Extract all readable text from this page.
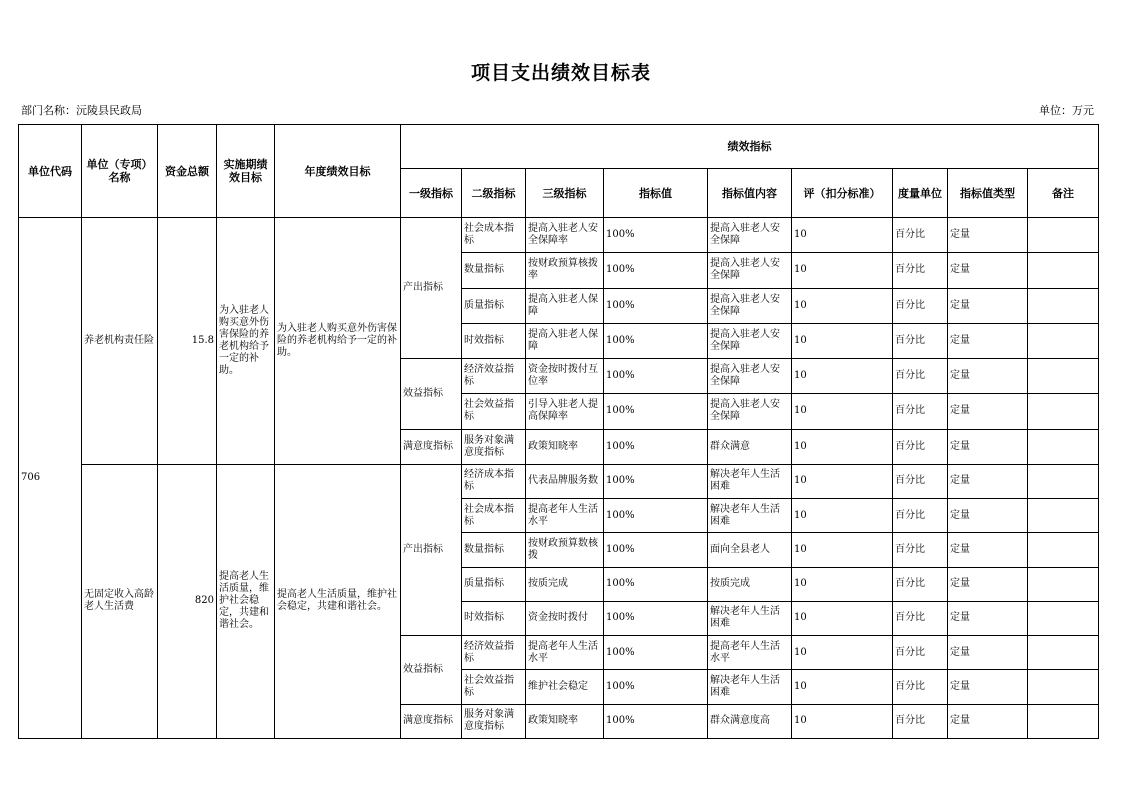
项目支出绩效目标表
部门名称：沅陵县民政局	单位：万元
单位代码	单位（专项）名称	资金总额	实施期绩效目标	年度绩效目标	绩效指标								
					一级指标	二级指标	三级指标	指标值	指标值内容	评（扣分标准）	度量单位	指标值类型	备注
706	养老机构责任险	15.8	为入驻老人购买意外伤害保险的养老机构给予一定的补助。	为入驻老人购买意外伤害保险的养老机构给予一定的补助。	产出指标	社会成本指标	提高入驻老人安全保障率	100%	提高入驻老人安全保障	10	百分比	定量	
						数量指标	按财政预算核拨率	100%	提高入驻老人安全保障	10	百分比	定量	
						质量指标	提高入驻老人保障	100%	提高入驻老人安全保障	10	百分比	定量	
						时效指标	提高入驻老人保障	100%	提高入驻老人安全保障	10	百分比	定量	
					效益指标	经济效益指标	资金按时拨付互位率	100%	提高入驻老人安全保障	10	百分比	定量	
						社会效益指标	引导入驻老人提高保障率	100%	提高入驻老人安全保障	10	百分比	定量	
					满意度指标	服务对象满意度指标	政策知晓率	100%	群众满意	10	百分比	定量	
	无固定收入高龄老人生活费	820	提高老人生活质量，维护社会稳定，共建和谐社会。	提高老人生活质量，维护社会稳定，共建和谐社会。	产出指标	经济成本指标	代表品牌服务数	100%	解决老年人生活困难	10	百分比	定量	
						社会成本指标	提高老年人生活水平	100%	解决老年人生活困难	10	百分比	定量	
						数量指标	按财政预算数核拨	100%	面向全县老人	10	百分比	定量	
						质量指标	按质完成	100%	按质完成	10	百分比	定量	
						时效指标	资金按时拨付	100%	解决老年人生活困难	10	百分比	定量	
					效益指标	经济效益指标	提高老年人生活水平	100%	提高老年人生活水平	10	百分比	定量	
						社会效益指标	维护社会稳定	100%	解决老年人生活困难	10	百分比	定量	
					满意度指标	服务对象满意度指标	政策知晓率	100%	群众满意度高	10	百分比	定量	
